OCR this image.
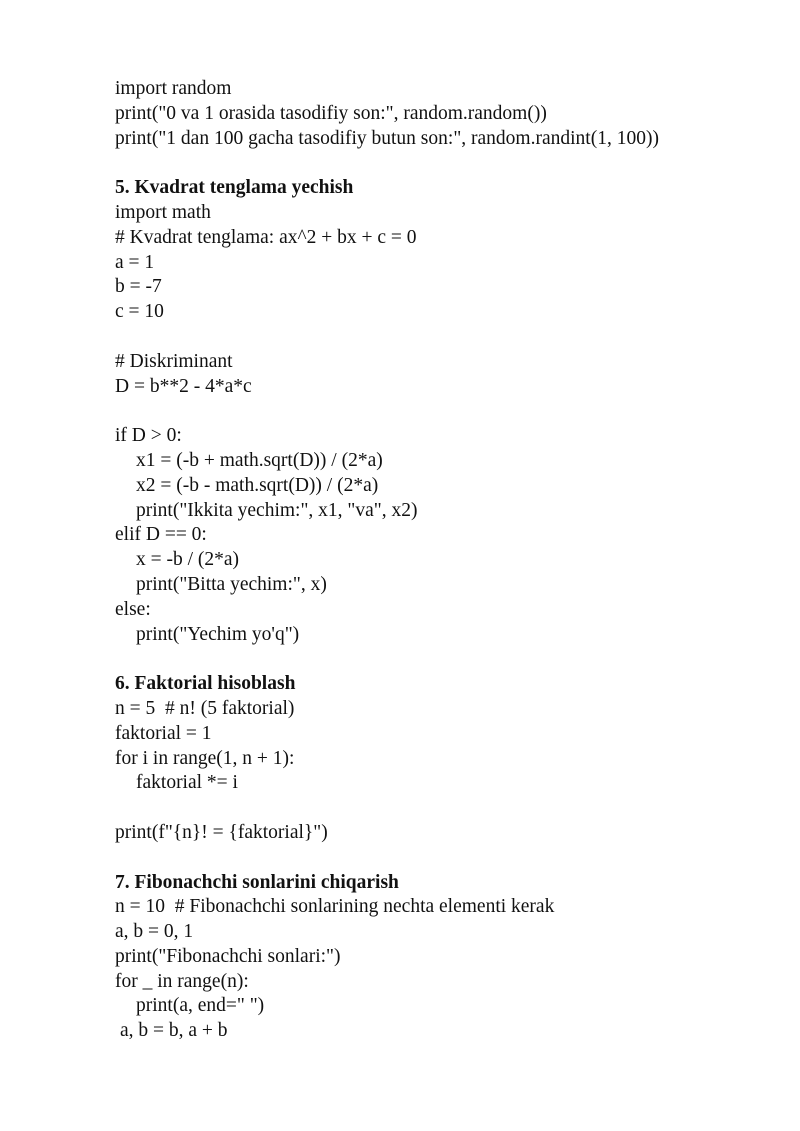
import random
print("0 va 1 orasida tasodifiy son:", random.random())
print("1 dan 100 gacha tasodifiy butun son:", random.randint(1, 100))
5. Kvadrat tenglama yechish
import math
# Kvadrat tenglama: ax^2 + bx + c = 0
a = 1
b = -7
c = 10
# Diskriminant
D = b**2 - 4*a*c
if D > 0:
x1 = (-b + math.sqrt(D)) / (2*a)
x2 = (-b - math.sqrt(D)) / (2*a)
print("Ikkita yechim:", x1, "va", x2)
elif D == 0:
x = -b / (2*a)
print("Bitta yechim:", x)
else:
print("Yechim yo'q")
6. Faktorial hisoblash
n = 5  # n! (5 faktorial)
faktorial = 1
for i in range(1, n + 1):
faktorial *= i
print(f"{n}! = {faktorial}")
7. Fibonachchi sonlarini chiqarish
n = 10  # Fibonachchi sonlarining nechta elementi kerak
a, b = 0, 1
print("Fibonachchi sonlari:")
for _ in range(n):
print(a, end=" ")
a, b = b, a + b
